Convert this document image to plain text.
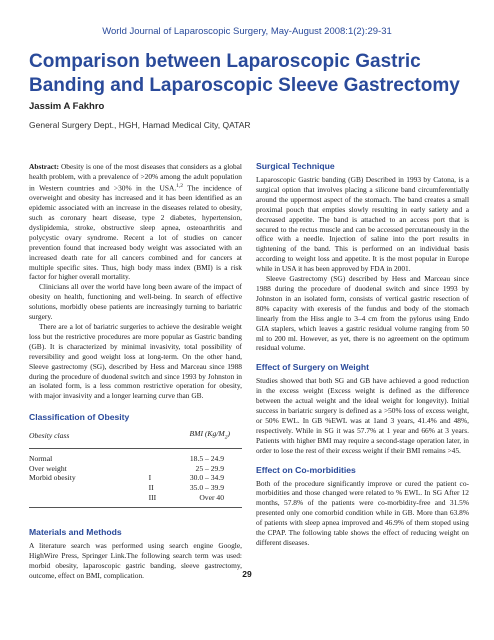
World Journal of Laparoscopic Surgery, May-August 2008:1(2):29-31
Comparison between Laparoscopic Gastric Banding and Laparoscopic Sleeve Gastrectomy
Jassim A Fakhro
General Surgery Dept., HGH, Hamad Medical City, QATAR

Abstract: Obesity is one of the most diseases that considers as a global health problem, with a prevalence of >20% among the adult population in Western countries and >30% in the USA.$^{1,2}$ The incidence of overweight and obesity has increased and it has been identified as an epidemic associated with an increase in the diseases related to obesity, such as coronary heart disease, type 2 diabetes, hypertension, dyslipidemia, stroke, obstructive sleep apnea, osteoarthritis and polycystic ovary syndrome. Recent a lot of studies on cancer prevention found that increased body weight was associated with an increased death rate for all cancers combined and for cancers at multiple specific sites. Thus, high body mass index (BMI) is a risk factor for higher overall mortality.

Clinicians all over the world have long been aware of the impact of obesity on health, functioning and well-being. In search of effective solutions, morbidly obese patients are increasingly turning to bariatric surgery.

There are a lot of bariatric surgeries to achieve the desirable weight loss but the restrictive procedures are more popular as Gastric banding (GB). It is characterized by minimal invasivity, total possibility of reversibility and good weight loss at long-term. On the other hand, Sleeve gastrectomy (SG), described by Hess and Marceau since 1988 during the procedure of duodenal switch and since 1993 by Johnston in an isolated form, is a less common restrictive operation for obesity, with major invasivity and a longer learning curve than GB.

Classification of Obesity

Obesity class		BMI $(Kg/M_2)$
Normal		18.5 – 24.9
Over weight		25 – 29.9
Morbid obesity	I	30.0 – 34.9
	II	35.0 – 39.9
	III	Over 40

Materials and Methods

A literature search was performed using search engine Google, HighWire Press, Springer Link.The following search term was used: morbid obesity, laparoscopic gastric banding, sleeve gastrectomy, outcome, effect on BMI, complication.

Surgical Technique

Laparoscopic Gastric banding (GB) Described in 1993 by Catona, is a surgical option that involves placing a silicone band circumferentially around the uppermost aspect of the stomach. The band creates a small proximal pouch that empties slowly resulting in early satiety and a decreased appetite. The band is attached to an access port that is secured to the rectus muscle and can be accessed percutaneously in the office with a needle. Injection of saline into the port results in tightening of the band. This is performed on an individual basis according to weight loss and appetite. It is the most popular in Europe while in USA it has been approved by FDA in 2001.

Sleeve Gastrectomy (SG) described by Hess and Marceau since 1988 during the procedure of duodenal switch and since 1993 by Johnston in an isolated form, consists of vertical gastric resection of 80% capacity with exeresis of the fundus and body of the stomach linearly from the Hiss angle to 3–4 cm from the pylorus using Endo GIA staplers, which leaves a gastric residual volume ranging from 50 ml to 200 ml. However, as yet, there is no agreement on the optimum residual volume.

Effect of Surgery on Weight

Studies showed that both SG and GB have achieved a good reduction in the excess weight (Excess weight is defined as the difference between the actual weight and the ideal weight for longevity). Initial success in bariatric surgery is defined as a >50% loss of excess weight, or 50% EWL. In GB %EWL was at 1and 3 years, 41.4% and 48%, respectively. While in SG it was 57.7% at 1 year and 66% at 3 years. Patients with higher BMI may require a second-stage operation later, in order to lose the rest of their excess weight if their BMI remains >45.

Effect on Co-morbidities

Both of the procedure significantly improve or cured the patient co-morbidities and those changed were related to % EWL. In SG After 12 months, 57.8% of the patients were co-morbidity-free and 31.5% presented only one comorbid condition while in GB. More than 63.8% of patients with sleep apnea improved and 46.9% of them stoped using the CPAP. The following table shows the effect of reducing weight on different diseases.

29
